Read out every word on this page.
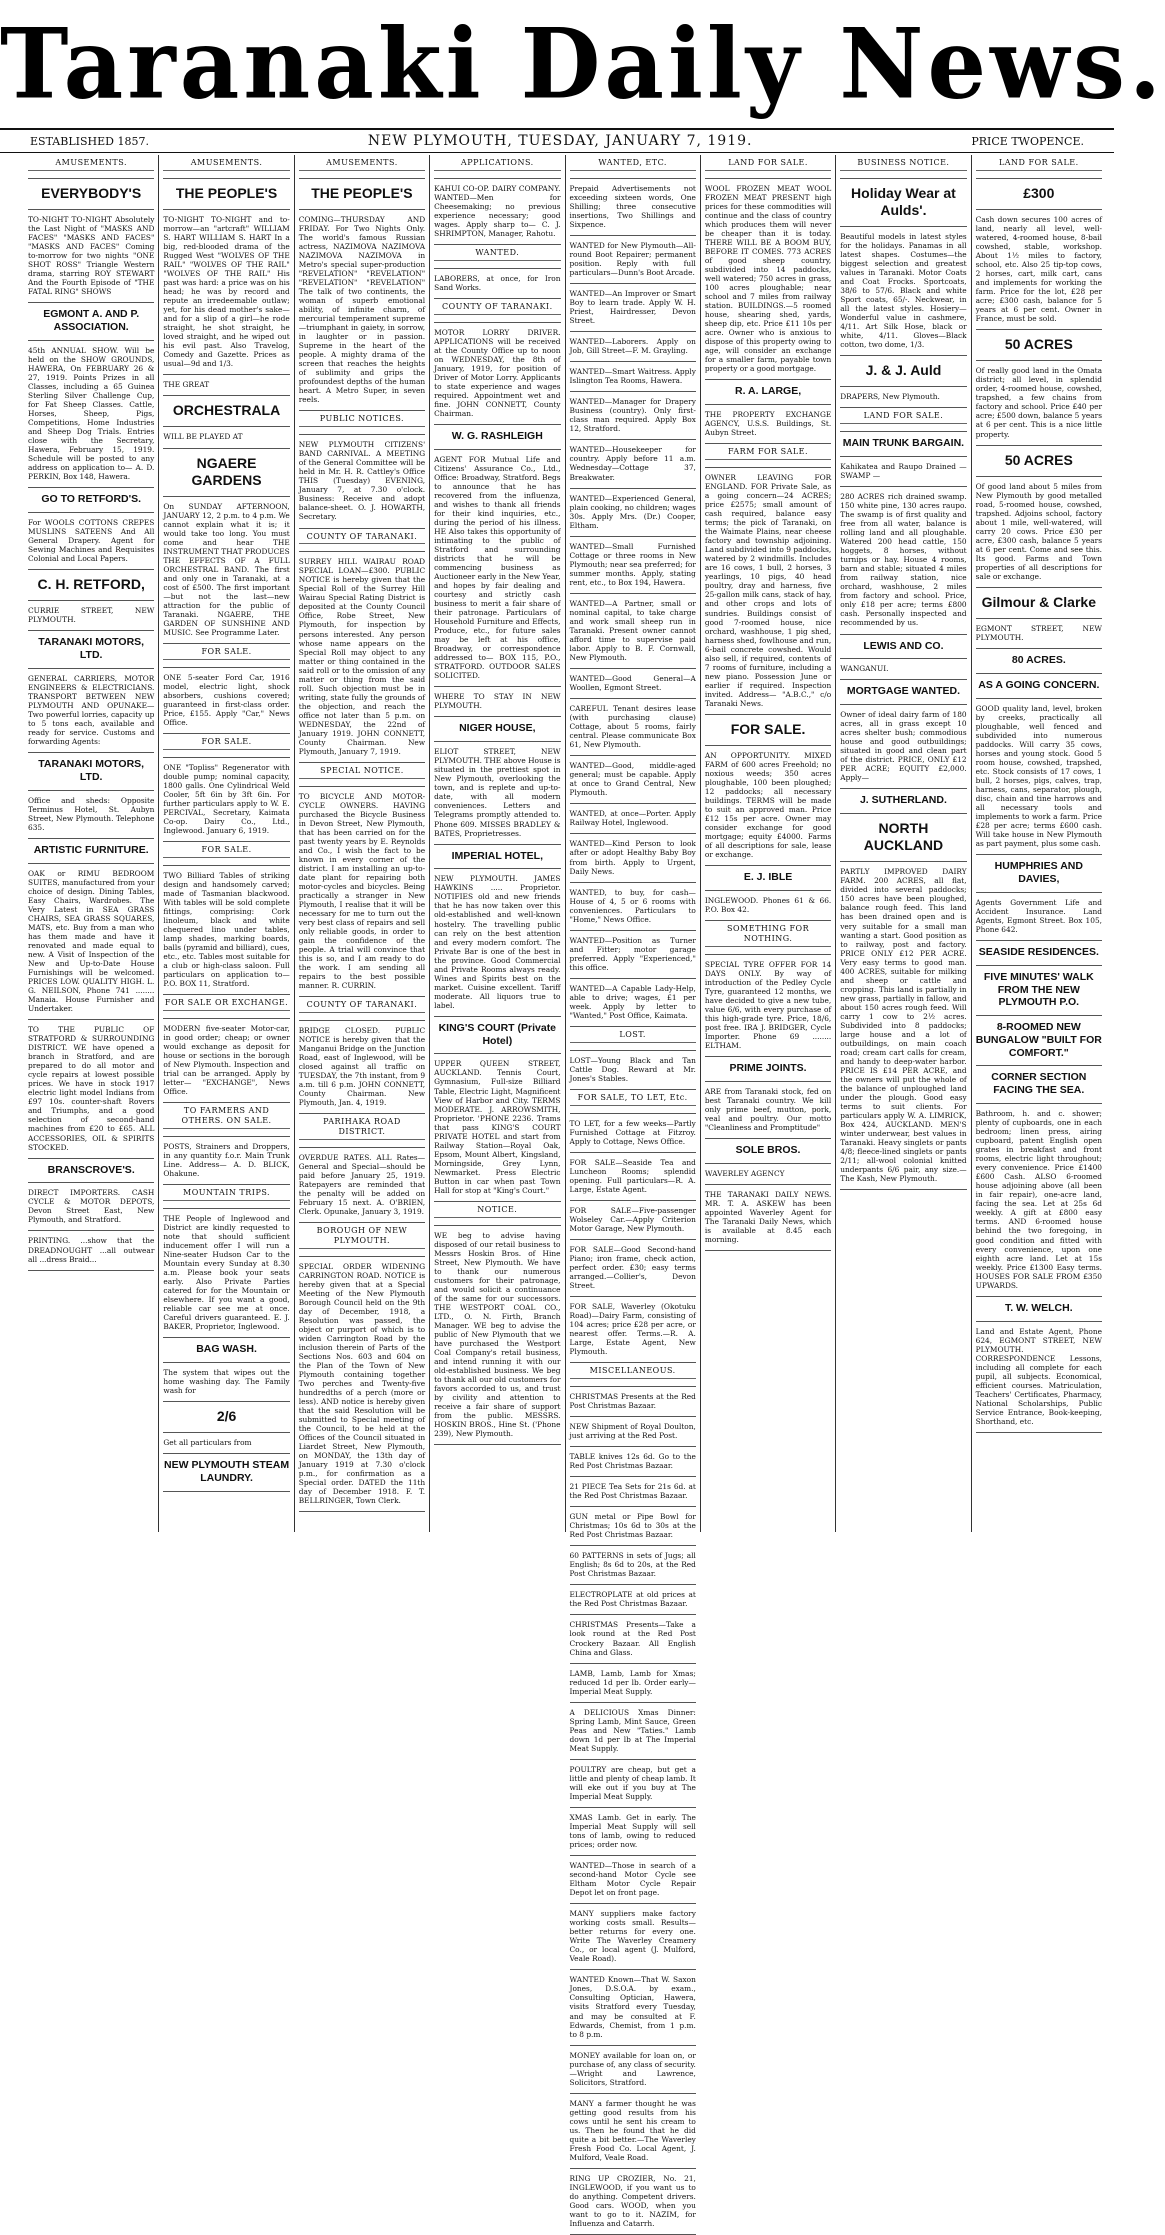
Taranaki Daily News.
ESTABLISHED 1857.	NEW PLYMOUTH, TUESDAY, JANUARY 7, 1919.	PRICE TWOPENCE.
AMUSEMENTS.
EVERYBODY'S

TO-NIGHT TO-NIGHT Absolutely the Last Night of "MASKS AND FACES" "MASKS AND FACES" "MASKS AND FACES" Coming to-morrow for two nights "ONE SHOT ROSS" Triangle Western drama, starring ROY STEWART And the Fourth Episode of "THE FATAL RING" SHOWS

EGMONT A. AND P. ASSOCIATION.

45th ANNUAL SHOW. Will be held on the SHOW GROUNDS, HAWERA, On FEBRUARY 26 & 27, 1919. Points Prizes in all Classes, including a 65 Guinea Sterling Silver Challenge Cup, for Fat Sheep Classes. Cattle, Horses, Sheep, Pigs, Competitions, Home Industries and Sheep Dog Trials. Entries close with the Secretary, Hawera, February 15, 1919. Schedule will be posted to any address on application to— A. D. PERKIN, Box 148, Hawera.

GO TO RETFORD'S.

For WOOLS COTTONS CREPES MUSLINS SATEENS And All General Drapery. Agent for Sewing Machines and Requisites Colonial and Local Papers.

C. H. RETFORD,

CURRIE STREET, NEW PLYMOUTH.

TARANAKI MOTORS, LTD.

GENERAL CARRIERS, MOTOR ENGINEERS & ELECTRICIANS. TRANSPORT BETWEEN NEW PLYMOUTH AND OPUNAKE— Two powerful lorries, capacity up to 5 tons each, available and ready for service. Customs and forwarding Agents:

TARANAKI MOTORS, LTD.

Office and sheds: Opposite Terminus Hotel, St. Aubyn Street, New Plymouth. Telephone 635.

ARTISTIC FURNITURE.

OAK or RIMU BEDROOM SUITES, manufactured from your choice of design. Dining Tables, Easy Chairs, Wardrobes. The Very Latest in SEA GRASS CHAIRS, SEA GRASS SQUARES, MATS, etc. Buy from a man who has them made and have it renovated and made equal to new. A Visit of Inspection of the New and Up-to-Date House Furnishings will be welcomed. PRICES LOW. QUALITY HIGH. L. G. NEILSON, Phone 741 ........ Manaia. House Furnisher and Undertaker.

TO THE PUBLIC OF STRATFORD & SURROUNDING DISTRICT. WE have opened a branch in Stratford, and are prepared to do all motor and cycle repairs at lowest possible prices. We have in stock 1917 electric light model Indians from £97 10s. counter-shaft Rovers and Triumphs, and a good selection of second-hand machines from £20 to £65. ALL ACCESSORIES, OIL & SPIRITS STOCKED.

BRANSCROVE'S.

DIRECT IMPORTERS. CASH CYCLE & MOTOR DEPOTS, Devon Street East, New Plymouth, and Stratford.

PRINTING. ...show that the DREADNOUGHT ...all outwear all ...dress Braid...

AMUSEMENTS.
THE PEOPLE'S

TO-NIGHT TO-NIGHT and to-morrow—an "artcraft" WILLIAM S. HART WILLIAM S. HART In a big, red-blooded drama of the Rugged West "WOLVES OF THE RAIL" "WOLVES OF THE RAIL" "WOLVES OF THE RAIL" His past was hard: a price was on his head; he was by record and repute an irredeemable outlaw; yet, for his dead mother's sake—and for a slip of a girl—he rode straight, he shot straight, he loved straight, and he wiped out his evil past. Also Travelog, Comedy and Gazette. Prices as usual—9d and 1/3.

THE GREAT

ORCHESTRALA

WILL BE PLAYED AT

NGAERE GARDENS

On SUNDAY AFTERNOON, JANUARY 12, 2 p.m. to 4 p.m. We cannot explain what it is; it would take too long. You must come and hear THE INSTRUMENT THAT PRODUCES THE EFFECTS OF A FULL ORCHESTRAL BAND. The first and only one in Taranaki, at a cost of £500. The first important—but not the last—new attraction for the public of Taranaki. NGAERE, THE GARDEN OF SUNSHINE AND MUSIC. See Programme Later.

FOR SALE.

ONE 5-seater Ford Car, 1916 model, electric light, shock absorbers, cushions covered; guaranteed in first-class order. Price, £155. Apply "Car," News Office.

FOR SALE.

ONE "Topliss" Regenerator with double pump; nominal capacity, 1800 galls. One Cylindrical Weld Cooler, 5ft 6in by 3ft 6in. For further particulars apply to W. E. PERCIVAL, Secretary, Kaimata Co-op. Dairy Co., Ltd., Inglewood. January 6, 1919.

FOR SALE.

TWO Billiard Tables of striking design and handsomely carved; made of Tasmanian blackwood. With tables will be sold complete fittings, comprising: Cork linoleum, black and white chequered lino under tables, lamp shades, marking boards, balls (pyramid and billiard), cues, etc., etc. Tables most suitable for a club or high-class saloon. Full particulars on application to— P.O. BOX 11, Stratford.

FOR SALE OR EXCHANGE.

MODERN five-seater Motor-car, in good order; cheap; or owner would exchange as deposit for house or sections in the borough of New Plymouth. Inspection and trial can be arranged. Apply by letter— "EXCHANGE", News Office.

TO FARMERS AND OTHERS. ON SALE.

POSTS, Strainers and Droppers, in any quantity f.o.r. Main Trunk Line. Address— A. D. BLICK, Ohakune.

MOUNTAIN TRIPS.

THE People of Inglewood and District are kindly requested to note that should sufficient inducement offer I will run a Nine-seater Hudson Car to the Mountain every Sunday at 8.30 a.m. Please book your seats early. Also Private Parties catered for for the Mountain or elsewhere. If you want a good, reliable car see me at once. Careful drivers guaranteed. E. J. BAKER, Proprietor, Inglewood.

BAG WASH.

The system that wipes out the home washing day. The Family wash for

2/6

Get all particulars from

NEW PLYMOUTH STEAM LAUNDRY.
AMUSEMENTS.
THE PEOPLE'S

COMING—THURSDAY AND FRIDAY. For Two Nights Only. The world's famous Russian actress, NAZIMOVA NAZIMOVA NAZIMOVA NAZIMOVA in Metro's special super-production "REVELATION" "REVELATION" "REVELATION" "REVELATION" The talk of two continents, the woman of superb emotional ability, of infinite charm, of mercurial temperament supreme—triumphant in gaiety, in sorrow, in laughter or in passion. Supreme in the heart of the people. A mighty drama of the screen that reaches the heights of sublimity and grips the profoundest depths of the human heart. A Metro Super, in seven reels.

PUBLIC NOTICES.

NEW PLYMOUTH CITIZENS' BAND CARNIVAL. A MEETING of the General Committee will be held in Mr. H. R. Cattley's Office THIS (Tuesday) EVENING, January 7, at 7.30 o'clock. Business: Receive and adopt balance-sheet. O. J. HOWARTH, Secretary.

COUNTY OF TARANAKI.

SURREY HILL WAIRAU ROAD SPECIAL LOAN—£300. PUBLIC NOTICE is hereby given that the Special Roll of the Surrey Hill Wairau Special Rating District is deposited at the County Council Office, Robe Street, New Plymouth, for inspection by persons interested. Any person whose name appears on the Special Roll may object to any matter or thing contained in the said roll or to the omission of any matter or thing from the said roll. Such objection must be in writing, state fully the grounds of the objection, and reach the office not later than 5 p.m. on WEDNESDAY, the 22nd of January 1919. JOHN CONNETT, County Chairman. New Plymouth, January 7, 1919.

SPECIAL NOTICE.

TO BICYCLE AND MOTOR-CYCLE OWNERS. HAVING purchased the Bicycle Business in Devon Street, New Plymouth, that has been carried on for the past twenty years by E. Reynolds and Co., I wish the fact to be known in every corner of the district. I am installing an up-to-date plant for repairing both motor-cycles and bicycles. Being practically a stranger in New Plymouth, I realise that it will be necessary for me to turn out the very best class of repairs and sell only reliable goods, in order to gain the confidence of the people. A trial will convince that this is so, and I am ready to do the work. I am sending all repairs to the best possible manner. R. CURRIN.

COUNTY OF TARANAKI.

BRIDGE CLOSED. PUBLIC NOTICE is hereby given that the Manganui Bridge on the Junction Road, east of Inglewood, will be closed against all traffic on TUESDAY, the 7th instant, from 9 a.m. till 6 p.m. JOHN CONNETT, County Chairman. New Plymouth, Jan. 4, 1919.

PARIHAKA ROAD DISTRICT.

OVERDUE RATES. ALL Rates—General and Special—should be paid before January 25, 1919. Ratepayers are reminded that the penalty will be added on February 15 next. A. O'BRIEN, Clerk. Opunake, January 3, 1919.

BOROUGH OF NEW PLYMOUTH.

SPECIAL ORDER WIDENING CARRINGTON ROAD. NOTICE is hereby given that at a Special Meeting of the New Plymouth Borough Council held on the 9th day of December, 1918, a Resolution was passed, the object or purport of which is to widen Carrington Road by the inclusion therein of Parts of the Sections Nos. 603 and 604 on the Plan of the Town of New Plymouth containing together Two perches and Twenty-five hundredths of a perch (more or less). AND notice is hereby given that the said Resolution will be submitted to Special meeting of the Council, to be held at the Offices of the Council situated in Liardet Street, New Plymouth, on MONDAY, the 13th day of January 1919 at 7.30 o'clock p.m., for confirmation as a Special order. DATED the 11th day of December 1918. F. T. BELLRINGER, Town Clerk.

APPLICATIONS.

KAHUI CO-OP. DAIRY COMPANY. WANTED—Men for Cheesemaking; no previous experience necessary; good wages. Apply sharp to— C. J. SHRIMPTON, Manager, Rahotu.

WANTED.

LABORERS, at once, for Iron Sand Works.

COUNTY OF TARANAKI.

MOTOR LORRY DRIVER. APPLICATIONS will be received at the County Office up to noon on WEDNESDAY, the 8th of January, 1919, for position of Driver of Motor Lorry. Applicants to state experience and wages required. Appointment wet and fine. JOHN CONNETT, County Chairman.

W. G. RASHLEIGH

AGENT FOR Mutual Life and Citizens' Assurance Co., Ltd., Office: Broadway, Stratford. Begs to announce that he has recovered from the influenza, and wishes to thank all friends for their kind inquiries, etc., during the period of his illness. HE Also takes this opportunity of intimating to the public of Stratford and surrounding districts that he will be commencing business as Auctioneer early in the New Year, and hopes by fair dealing and courtesy and strictly cash business to merit a fair share of their patronage. Particulars of Household Furniture and Effects, Produce, etc., for future sales may be left at his office, Broadway, or correspondence addressed to— BOX 115, P.O., STRATFORD. OUTDOOR SALES SOLICITED.

WHERE TO STAY IN NEW PLYMOUTH.

NIGER HOUSE,

ELIOT STREET, NEW PLYMOUTH. THE above House is situated in the prettiest spot in New Plymouth, overlooking the town, and is replete and up-to-date, with all modern conveniences. Letters and Telegrams promptly attended to. Phone 609. MISSES BRADLEY & BATES, Proprietresses.

IMPERIAL HOTEL,

NEW PLYMOUTH. JAMES HAWKINS ..... Proprietor. NOTIFIES old and new friends that he has now taken over this old-established and well-known hostelry. The travelling public can rely on the best attention and every modern comfort. The Private Bar is one of the best in the province. Good Commercial and Private Rooms always ready. Wines and Spirits best on the market. Cuisine excellent. Tariff moderate. All liquors true to label.

KING'S COURT (Private Hotel)

UPPER QUEEN STREET, AUCKLAND. Tennis Court, Gymnasium, Full-size Billiard Table, Electric Light, Magnificent View of Harbor and City. TERMS MODERATE. J. ARROWSMITH, Proprietor. 'PHONE 2236. Trams that pass KING'S COURT PRIVATE HOTEL and start from Railway Station—Royal Oak, Epsom, Mount Albert, Kingsland, Morningside, Grey Lynn, Newmarket. Press Electric Button in car when past Town Hall for stop at "King's Court."

NOTICE.

WE beg to advise having disposed of our retail business to Messrs Hoskin Bros. of Hine Street, New Plymouth. We have to thank our numerous customers for their patronage, and would solicit a continuance of the same for our successors. THE WESTPORT COAL CO., LTD., O. N. Firth, Branch Manager. WE beg to advise the public of New Plymouth that we have purchased the Westport Coal Company's retail business, and intend running it with our old-established business. We beg to thank all our old customers for favors accorded to us, and trust by civility and attention to receive a fair share of support from the public. MESSRS. HOSKIN BROS., Hine St. ('Phone 239), New Plymouth.

WANTED, ETC.

Prepaid Advertisements not exceeding sixteen words, One Shilling; three consecutive insertions, Two Shillings and Sixpence.

WANTED for New Plymouth—All-round Boot Repairer; permanent position. Reply with full particulars—Dunn's Boot Arcade.

WANTED—An Improver or Smart Boy to learn trade. Apply W. H. Priest, Hairdresser, Devon Street.

WANTED—Laborers. Apply on Job, Gill Street—F. M. Grayling.

WANTED—Smart Waitress. Apply Islington Tea Rooms, Hawera.

WANTED—Manager for Drapery Business (country). Only first-class man required. Apply Box 12, Stratford.

WANTED—Housekeeper for country. Apply before 11 a.m. Wednesday—Cottage 37, Breakwater.

WANTED—Experienced General, plain cooking, no children; wages 30s. Apply Mrs. (Dr.) Cooper, Eltham.

WANTED—Small Furnished Cottage or three rooms in New Plymouth; near sea preferred; for summer months. Apply, stating rent, etc., to Box 194, Hawera.

WANTED—A Partner, small or nominal capital, to take charge and work small sheep run in Taranaki. Present owner cannot afford time to supervise paid labor. Apply to B. F. Cornwall, New Plymouth.

WANTED—Good General—A Woollen, Egmont Street.

CAREFUL Tenant desires lease (with purchasing clause) Cottage, about 5 rooms, fairly central. Please communicate Box 61, New Plymouth.

WANTED—Good, middle-aged general; must be capable. Apply at once to Grand Central, New Plymouth.

WANTED, at once—Porter. Apply Railway Hotel, Inglewood.

WANTED—Kind Person to look after or adopt Healthy Baby Boy from birth. Apply to Urgent, Daily News.

WANTED, to buy, for cash—House of 4, 5 or 6 rooms with conveniences. Particulars to "Home," News Office.

WANTED—Position as Turner and Fitter; motor garage preferred. Apply "Experienced," this office.

WANTED—A Capable Lady-Help, able to drive; wages, £1 per week. Apply by letter to "Wanted," Post Office, Kaimata.

LOST.

LOST—Young Black and Tan Cattle Dog. Reward at Mr. Jones's Stables.

FOR SALE, TO LET, Etc.

TO LET, for a few weeks—Partly Furnished Cottage at Fitzroy. Apply to Cottage, News Office.

FOR SALE—Seaside Tea and Luncheon Rooms; splendid opening. Full particulars—R. A. Large, Estate Agent.

FOR SALE—Five-passenger Wolseley Car.—Apply Criterion Motor Garage, New Plymouth.

FOR SALE—Good Second-hand Piano; iron frame, check action, perfect order. £30; easy terms arranged.—Collier's, Devon Street.

FOR SALE, Waverley (Okotuku Road)—Dairy Farm, consisting of 104 acres; price £28 per acre, or nearest offer. Terms.—R. A. Large, Estate Agent, New Plymouth.

MISCELLANEOUS.

CHRISTMAS Presents at the Red Post Christmas Bazaar.

NEW Shipment of Royal Doulton, just arriving at the Red Post.

TABLE knives 12s 6d. Go to the Red Post Christmas Bazaar.

21 PIECE Tea Sets for 21s 6d. at the Red Post Christmas Bazaar.

GUN metal or Pipe Bowl for Christmas; 10s 6d to 30s at the Red Post Christmas Bazaar.

60 PATTERNS in sets of Jugs; all English; 8s 6d to 20s, at the Red Post Christmas Bazaar.

ELECTROPLATE at old prices at the Red Post Christmas Bazaar.

CHRISTMAS Presents—Take a look round at the Red Post Crockery Bazaar. All English China and Glass.

LAMB, Lamb, Lamb for Xmas; reduced 1d per lb. Order early—Imperial Meat Supply.

A DELICIOUS Xmas Dinner: Spring Lamb, Mint Sauce, Green Peas and New "Taties." Lamb down 1d per lb at The Imperial Meat Supply.

POULTRY are cheap, but get a little and plenty of cheap lamb. It will eke out if you buy at The Imperial Meat Supply.

XMAS Lamb. Get in early. The Imperial Meat Supply will sell tons of lamb, owing to reduced prices; order now.

WANTED—Those in search of a second-hand Motor Cycle see Eltham Motor Cycle Repair Depot let on front page.

MANY suppliers make factory working costs small. Results—better returns for every one. Write The Waverley Creamery Co., or local agent (J. Mulford, Veale Road).

WANTED Known—That W. Saxon Jones, D.S.O.A. by exam., Consulting Optician, Hawera, visits Stratford every Tuesday, and may be consulted at F. Edwards, Chemist, from 1 p.m. to 8 p.m.

MONEY available for loan on, or purchase of, any class of security.—Wright and Lawrence, Solicitors, Stratford.

MANY a farmer thought he was getting good results from his cows until he sent his cream to us. Then he found that he did quite a bit better.—The Waverley Fresh Food Co. Local Agent, J. Mulford, Veale Road.

RING UP CROZIER, No. 21, INGLEWOOD, if you want us to do anything. Competent drivers. Good cars. WOOD, when you want to go to it. NAZIM, for Influenza and Catarrh.

LAND FOR SALE.

WOOL FROZEN MEAT WOOL FROZEN MEAT PRESENT high prices for these commodities will continue and the class of country which produces them will never be cheaper than it is today. THERE WILL BE A BOOM BUY, BEFORE IT COMES. 773 ACRES of good sheep country, subdivided into 14 paddocks, well watered; 750 acres in grass, 100 acres ploughable; near school and 7 miles from railway station. BUILDINGS.—5 roomed house, shearing shed, yards, sheep dip, etc. Price £11 10s per acre. Owner who is anxious to dispose of this property owing to age, will consider an exchange for a smaller farm, payable town property or a good mortgage.

R. A. LARGE,

THE PROPERTY EXCHANGE AGENCY, U.S.S. Buildings, St. Aubyn Street.

FARM FOR SALE.

OWNER LEAVING FOR ENGLAND. FOR Private Sale, as a going concern—24 ACRES; price £2575; small amount of cash required, balance easy terms; the pick of Taranaki, on the Waimate Plains, near cheese factory and township adjoining. Land subdivided into 9 paddocks, watered by 2 windmills. Includes are 16 cows, 1 bull, 2 horses, 3 yearlings, 10 pigs, 40 head poultry, dray and harness, five 25-gallon milk cans, stack of hay, and other crops and lots of sundries. Buildings consist of good 7-roomed house, nice orchard, washhouse, 1 pig shed, harness shed, fowlhouse and run, 6-bail concrete cowshed. Would also sell, if required, contents of 7 rooms of furniture, including a new piano. Possession June or earlier if required. Inspection invited. Address— "A.B.C.," c/o Taranaki News.

FOR SALE.

AN OPPORTUNITY. MIXED FARM of 600 acres Freehold; no noxious weeds; 350 acres ploughable, 100 been ploughed; 12 paddocks; all necessary buildings. TERMS will be made to suit an approved man. Price £12 15s per acre. Owner may consider exchange for good mortgage; equity £4000. Farms of all descriptions for sale, lease or exchange.

E. J. IBLE

INGLEWOOD. Phones 61 & 66. P.O. Box 42.

SOMETHING FOR NOTHING.

SPECIAL TYRE OFFER FOR 14 DAYS ONLY. By way of introduction of the Pedley Cycle Tyre, guaranteed 12 months, we have decided to give a new tube, value 6/6, with every purchase of this high-grade tyre. Price, 18/6, post free. IRA J. BRIDGER, Cycle Importer. Phone 69 ........ ELTHAM.

PRIME JOINTS.

ARE from Taranaki stock, fed on best Taranaki country. We kill only prime beef, mutton, pork, veal and poultry. Our motto "Cleanliness and Promptitude"

SOLE BROS.

WAVERLEY AGENCY

THE TARANAKI DAILY NEWS. MR. T. A. ASKEW has been appointed Waverley Agent for The Taranaki Daily News, which is available at 8.45 each morning.

BUSINESS NOTICE.
Holiday Wear at Aulds'.

Beautiful models in latest styles for the holidays. Panamas in all latest shapes. Costumes—the biggest selection and greatest values in Taranaki. Motor Coats and Coat Frocks. Sportcoats, 38/6 to 57/6. Black and white Sport coats, 65/-. Neckwear, in all the latest styles. Hosiery—Wonderful value in cashmere, 4/11. Art Silk Hose, black or white, 4/11. Gloves—Black cotton, two dome, 1/3.

J. & J. Auld

DRAPERS, New Plymouth.

LAND FOR SALE.
MAIN TRUNK BARGAIN.

Kahikatea and Raupo Drained — SWAMP —

280 ACRES rich drained swamp. 150 white pine, 130 acres raupo. The swamp is of first quality and free from all water, balance is rolling land and all ploughable. Watered 200 head cattle, 150 hoggets, 8 horses, without turnips or hay. House 4 rooms, barn and stable; situated 4 miles from railway station, nice orchard, washhouse, 2 miles from factory and school. Price, only £18 per acre; terms £800 cash. Personally inspected and recommended by us.

LEWIS AND CO.

WANGANUI.

MORTGAGE WANTED.

Owner of ideal dairy farm of 180 acres, all in grass except 10 acres shelter bush; commodious house and good outbuildings; situated in good and clean part of the district. PRICE, ONLY £12 PER ACRE; EQUITY £2,000. Apply—

J. SUTHERLAND.
NORTH AUCKLAND

PARTLY IMPROVED DAIRY FARM. 200 ACRES, all flat, divided into several paddocks; 150 acres have been ploughed, balance rough feed. This land has been drained open and is very suitable for a small man wanting a start. Good position as to railway, post and factory. PRICE ONLY £12 PER ACRE. Very easy terms to good man. 400 ACRES, suitable for milking and sheep or cattle and cropping. This land is partially in new grass, partially in fallow, and about 150 acres rough feed. Will carry 1 cow to 2½ acres. Subdivided into 8 paddocks; large house and a lot of outbuildings, on main coach road; cream cart calls for cream, and handy to deep-water harbor. PRICE IS £14 PER ACRE, and the owners will put the whole of the balance of unploughed land under the plough. Good easy terms to suit clients. For particulars apply W. A. LIMRICK, Box 424, AUCKLAND. MEN'S winter underwear, best values in Taranaki. Heavy singlets or pants 4/8; fleece-lined singlets or pants 2/11; all-wool colonial knitted underpants 6/6 pair, any size.—The Kash, New Plymouth.

LAND FOR SALE.
£300

Cash down secures 100 acres of land, nearly all level, well-watered, 4-roomed house, 8-bail cowshed, stable, workshop. About 1½ miles to factory, school, etc. Also 25 tip-top cows, 2 horses, cart, milk cart, cans and implements for working the farm. Price for the lot, £28 per acre; £300 cash, balance for 5 years at 6 per cent. Owner in France, must be sold.

50 ACRES

Of really good land in the Omata district; all level, in splendid order, 4-roomed house, cowshed, trapshed, a few chains from factory and school. Price £40 per acre; £500 down, balance 5 years at 6 per cent. This is a nice little property.

50 ACRES

Of good land about 5 miles from New Plymouth by good metalled road, 5-roomed house, cowshed, trapshed. Adjoins school, factory about 1 mile, well-watered, will carry 20 cows. Price £30 per acre, £300 cash, balance 5 years at 6 per cent. Come and see this. Its good. Farms and Town properties of all descriptions for sale or exchange.

Gilmour & Clarke

EGMONT STREET, NEW PLYMOUTH.

80 ACRES.
AS A GOING CONCERN.

GOOD quality land, level, broken by creeks, practically all ploughable, well fenced and subdivided into numerous paddocks. Will carry 35 cows, horses and young stock. Good 5 room house, cowshed, trapshed, etc. Stock consists of 17 cows, 1 bull, 2 horses, pigs, calves, trap, harness, cans, separator, plough, disc, chain and tine harrows and all necessary tools and implements to work a farm. Price £28 per acre; terms £600 cash. Will take house in New Plymouth as part payment, plus some cash.

HUMPHRIES AND DAVIES,

Agents Government Life and Accident Insurance. Land Agents, Egmont Street. Box 105, Phone 642.

SEASIDE RESIDENCES.
FIVE MINUTES' WALK FROM THE NEW PLYMOUTH P.O.
8-ROOMED NEW BUNGALOW "BUILT FOR COMFORT."
CORNER SECTION FACING THE SEA.

Bathroom, h. and c. shower; plenty of cupboards, one in each bedroom; linen press, airing cupboard, patent English open grates in breakfast and front rooms, electric light throughout; every convenience. Price £1400 £600 Cash. ALSO 6-roomed house adjoining above (all been in fair repair), one-acre land, facing the sea. Let at 25s 6d weekly. A gift at £800 easy terms. AND 6-roomed house behind the two foregoing, in good condition and fitted with every convenience, upon one eighth acre land. Let at 15s weekly. Price £1300 Easy terms. HOUSES FOR SALE FROM £350 UPWARDS.

T. W. WELCH.

Land and Estate Agent, Phone 624, EGMONT STREET, NEW PLYMOUTH. CORRESPONDENCE Lessons, including all complete for each pupil, all subjects. Economical, efficient courses. Matriculation, Teachers' Certificates, Pharmacy, National Scholarships, Public Service Entrance, Book-keeping, Shorthand, etc.
